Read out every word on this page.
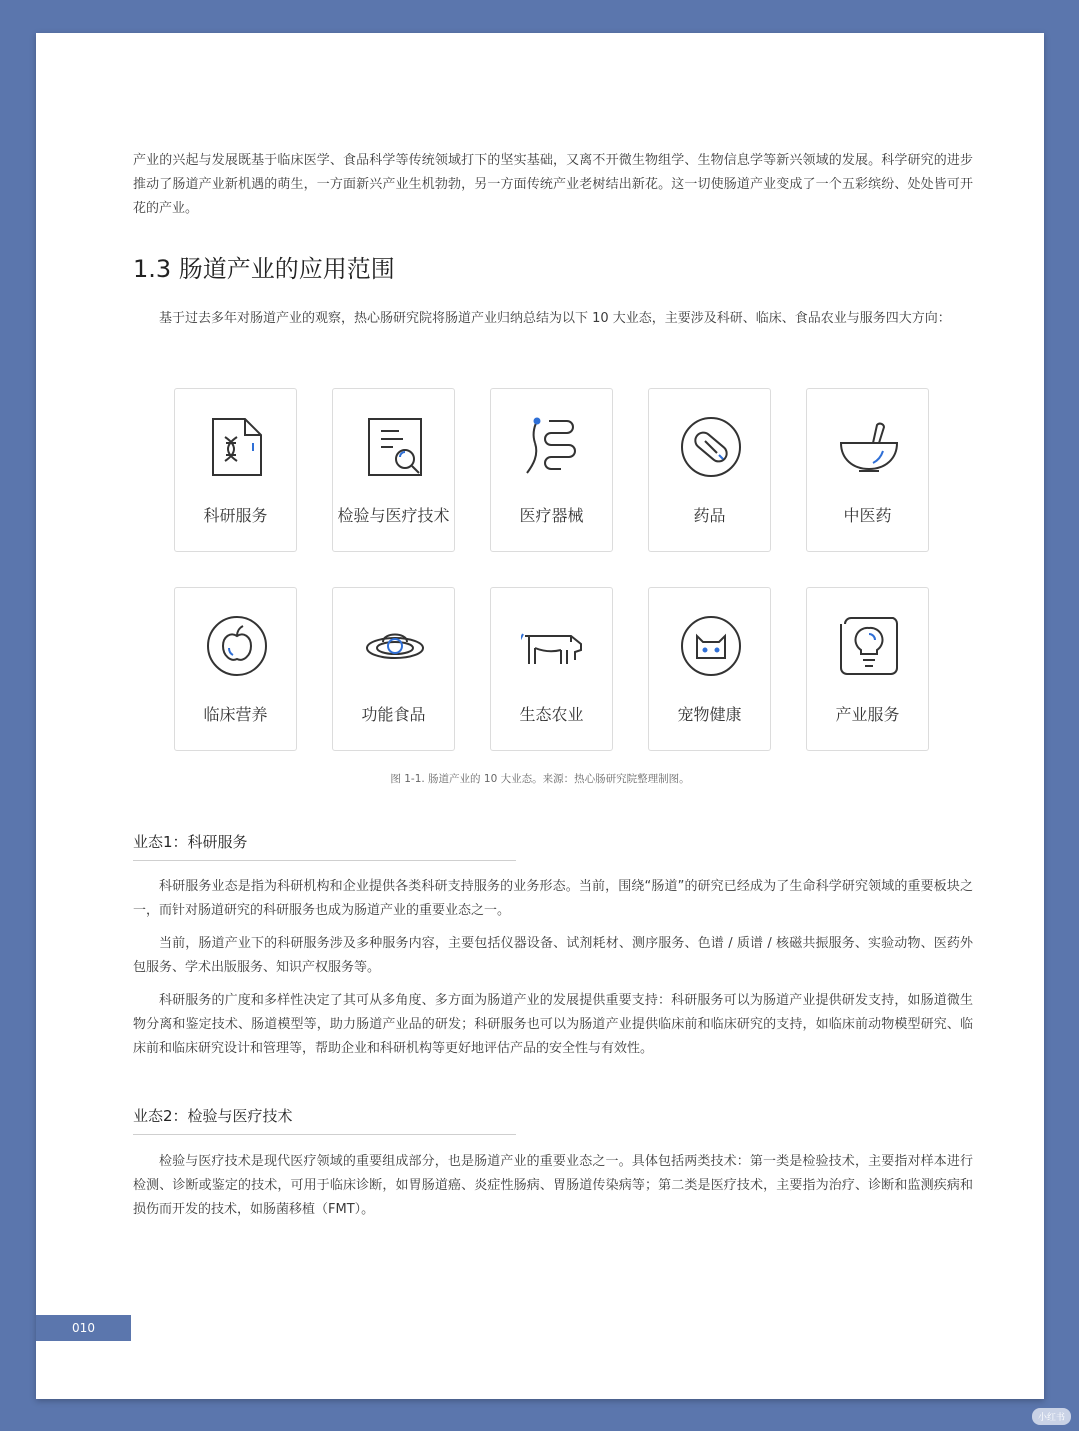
产业的兴起与发展既基于临床医学、食品科学等传统领域打下的坚实基础，又离不开微生物组学、生物信息学等新兴领域的发展。科学研究的进步推动了肠道产业新机遇的萌生，一方面新兴产业生机勃勃，另一方面传统产业老树结出新花。这一切使肠道产业变成了一个五彩缤纷、处处皆可开花的产业。

1.3 肠道产业的应用范围

基于过去多年对肠道产业的观察，热心肠研究院将肠道产业归纳总结为以下 10 大业态，主要涉及科研、临床、食品农业与服务四大方向：

科研服务	检验与医疗技术	医疗器械	药品	中医药
临床营养	功能食品	生态农业	宠物健康	产业服务
图 1-1. 肠道产业的 10 大业态。来源：热心肠研究院整理制图。
业态1：科研服务

科研服务业态是指为科研机构和企业提供各类科研支持服务的业务形态。当前，围绕“肠道”的研究已经成为了生命科学研究领域的重要板块之一，而针对肠道研究的科研服务也成为肠道产业的重要业态之一。

当前，肠道产业下的科研服务涉及多种服务内容，主要包括仪器设备、试剂耗材、测序服务、色谱 / 质谱 / 核磁共振服务、实验动物、医药外包服务、学术出版服务、知识产权服务等。

科研服务的广度和多样性决定了其可从多角度、多方面为肠道产业的发展提供重要支持：科研服务可以为肠道产业提供研发支持，如肠道微生物分离和鉴定技术、肠道模型等，助力肠道产业品的研发；科研服务也可以为肠道产业提供临床前和临床研究的支持，如临床前动物模型研究、临床前和临床研究设计和管理等，帮助企业和科研机构等更好地评估产品的安全性与有效性。

业态2：检验与医疗技术

检验与医疗技术是现代医疗领域的重要组成部分，也是肠道产业的重要业态之一。具体包括两类技术：第一类是检验技术，主要指对样本进行检测、诊断或鉴定的技术，可用于临床诊断，如胃肠道癌、炎症性肠病、胃肠道传染病等；第二类是医疗技术，主要指为治疗、诊断和监测疾病和损伤而开发的技术，如肠菌移植（FMT）。

010
小红书
